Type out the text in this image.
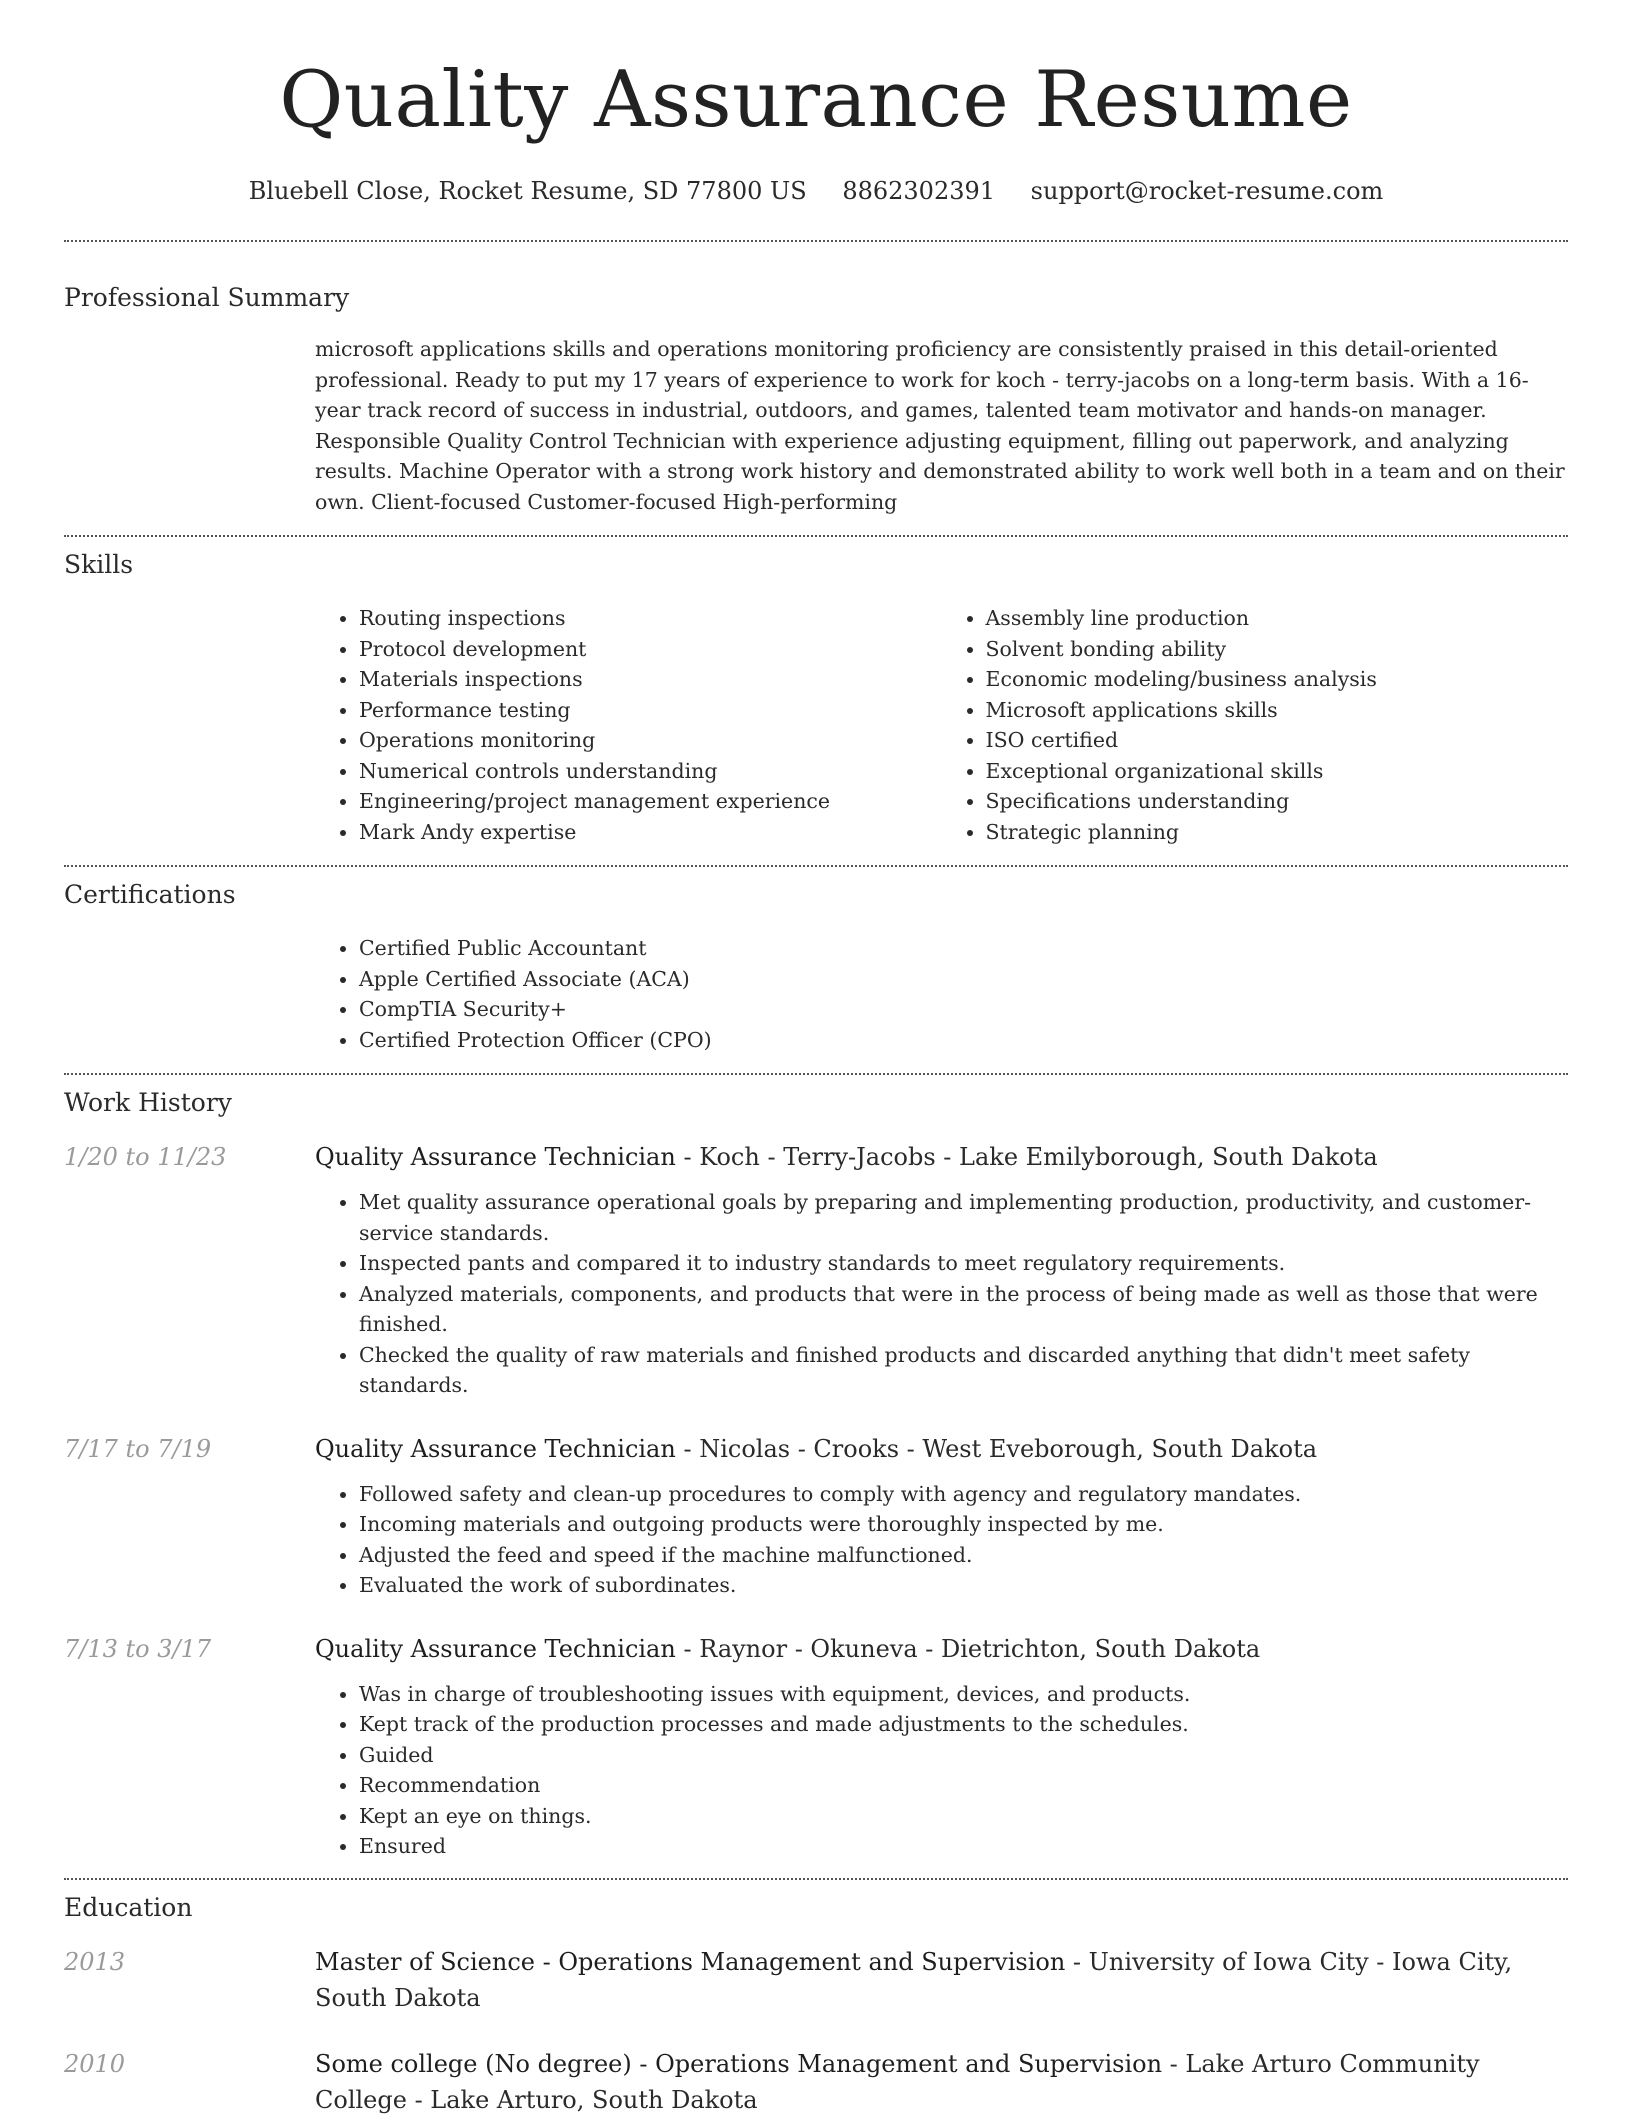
Quality Assurance Resume
Bluebell Close, Rocket Resume, SD 77800 US 8862302391 support@rocket-resume.com
Professional Summary

microsoft applications skills and operations monitoring proficiency are consistently praised in this detail-oriented professional. Ready to put my 17 years of experience to work for koch - terry-jacobs on a long-term basis. With a 16-year track record of success in industrial, outdoors, and games, talented team motivator and hands-on manager. Responsible Quality Control Technician with experience adjusting equipment, filling out paperwork, and analyzing results. Machine Operator with a strong work history and demonstrated ability to work well both in a team and on their own. Client-focused Customer-focused High-performing

Skills
• Routing inspections
• Protocol development
• Materials inspections
• Performance testing
• Operations monitoring
• Numerical controls understanding
• Engineering/project management experience
• Mark Andy expertise
• Assembly line production
• Solvent bonding ability
• Economic modeling/business analysis
• Microsoft applications skills
• ISO certified
• Exceptional organizational skills
• Specifications understanding
• Strategic planning
Certifications
• Certified Public Accountant
• Apple Certified Associate (ACA)
• CompTIA Security+
• Certified Protection Officer (CPO)
Work History
1/20 to 11/23	Quality Assurance Technician - Koch - Terry-Jacobs - Lake Emilyborough, South Dakota
• Met quality assurance operational goals by preparing and implementing production, productivity, and customer-service standards.
• Inspected pants and compared it to industry standards to meet regulatory requirements.
• Analyzed materials, components, and products that were in the process of being made as well as those that were finished.
• Checked the quality of raw materials and finished products and discarded anything that didn't meet safety standards.
7/17 to 7/19	Quality Assurance Technician - Nicolas - Crooks - West Eveborough, South Dakota
• Followed safety and clean-up procedures to comply with agency and regulatory mandates.
• Incoming materials and outgoing products were thoroughly inspected by me.
• Adjusted the feed and speed if the machine malfunctioned.
• Evaluated the work of subordinates.
7/13 to 3/17	Quality Assurance Technician - Raynor - Okuneva - Dietrichton, South Dakota
• Was in charge of troubleshooting issues with equipment, devices, and products.
• Kept track of the production processes and made adjustments to the schedules.
• Guided
• Recommendation
• Kept an eye on things.
• Ensured
Education
2013	Master of Science - Operations Management and Supervision - University of Iowa City - Iowa City, South Dakota
2010	Some college (No degree) - Operations Management and Supervision - Lake Arturo Community College - Lake Arturo, South Dakota
